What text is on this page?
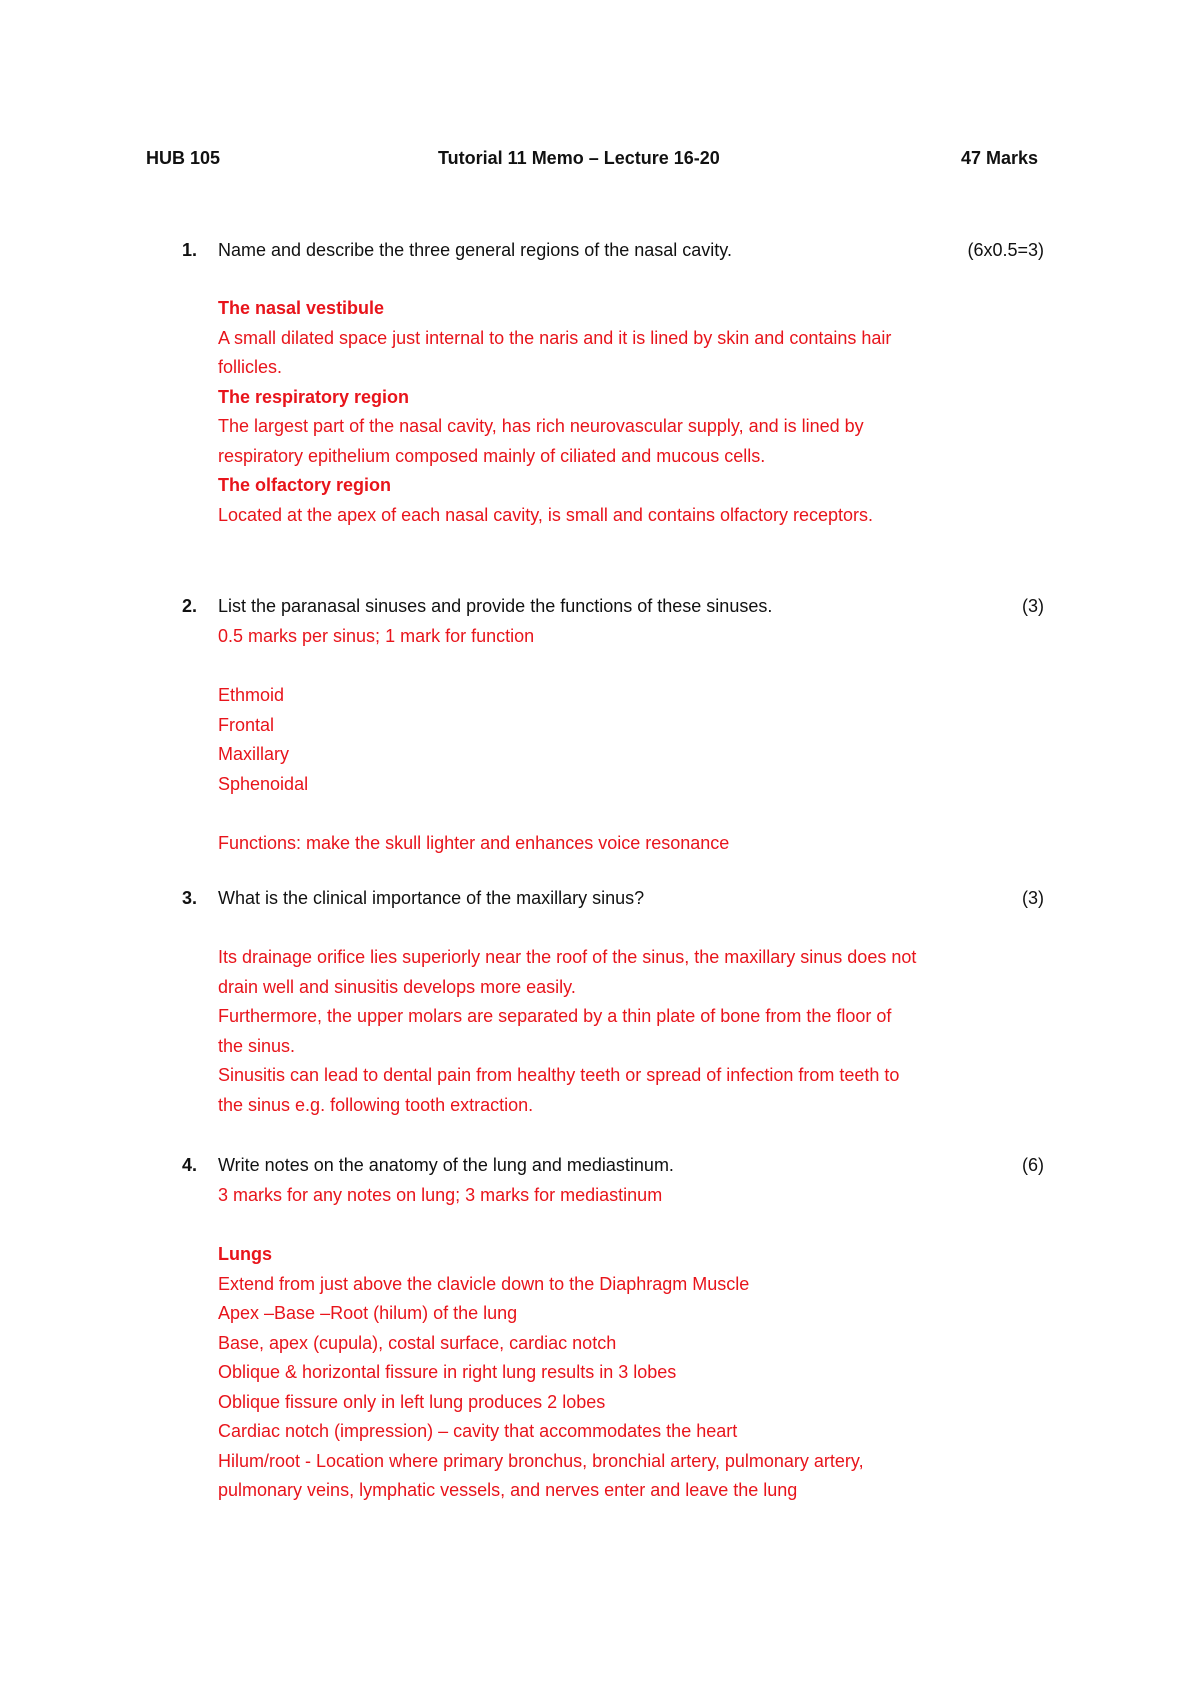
HUB 105	Tutorial 11 Memo – Lecture 16-20	47 Marks
1. Name and describe the three general regions of the nasal cavity.	(6x0.5=3)
The nasal vestibule
A small dilated space just internal to the naris and it is lined by skin and contains hair
follicles.
The respiratory region
The largest part of the nasal cavity, has rich neurovascular supply, and is lined by
respiratory epithelium composed mainly of ciliated and mucous cells.
The olfactory region
Located at the apex of each nasal cavity, is small and contains olfactory receptors.
2. List the paranasal sinuses and provide the functions of these sinuses.	(3)
0.5 marks per sinus; 1 mark for function
Ethmoid
Frontal
Maxillary
Sphenoidal
Functions: make the skull lighter and enhances voice resonance
3. What is the clinical importance of the maxillary sinus?	(3)
Its drainage orifice lies superiorly near the roof of the sinus, the maxillary sinus does not
drain well and sinusitis develops more easily.
Furthermore, the upper molars are separated by a thin plate of bone from the floor of
the sinus.
Sinusitis can lead to dental pain from healthy teeth or spread of infection from teeth to
the sinus e.g. following tooth extraction.
4. Write notes on the anatomy of the lung and mediastinum.	(6)
3 marks for any notes on lung; 3 marks for mediastinum
Lungs
Extend from just above the clavicle down to the Diaphragm Muscle
Apex –Base –Root (hilum) of the lung
Base, apex (cupula), costal surface, cardiac notch
Oblique & horizontal fissure in right lung results in 3 lobes
Oblique fissure only in left lung produces 2 lobes
Cardiac notch (impression) – cavity that accommodates the heart
Hilum/root - Location where primary bronchus, bronchial artery, pulmonary artery,
pulmonary veins, lymphatic vessels, and nerves enter and leave the lung
